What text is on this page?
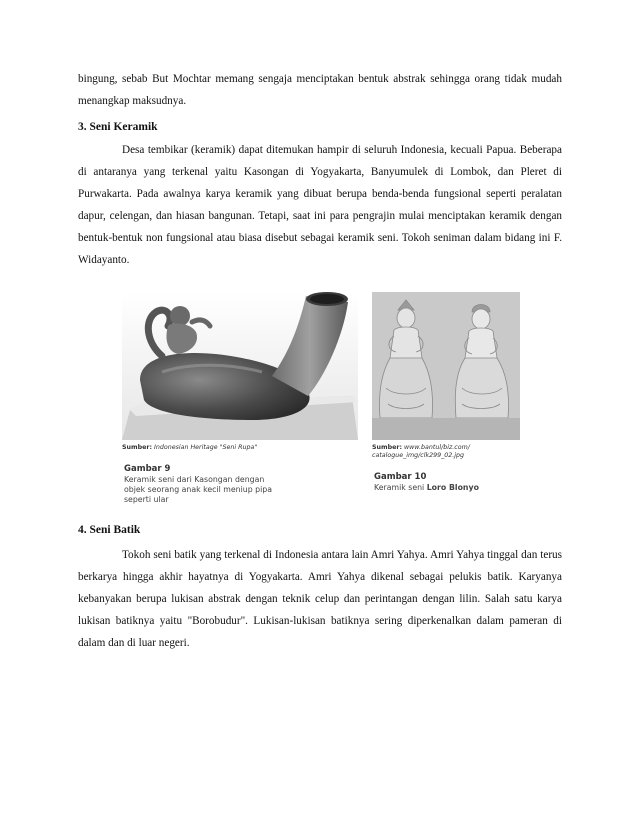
bingung, sebab But Mochtar memang sengaja menciptakan bentuk abstrak sehingga orang tidak mudah menangkap maksudnya.

3. Seni Keramik

Desa tembikar (keramik) dapat ditemukan hampir di seluruh Indonesia, kecuali Papua. Beberapa di antaranya yang terkenal yaitu Kasongan di Yogyakarta, Banyumulek di Lombok, dan Pleret di Purwakarta. Pada awalnya karya keramik yang dibuat berupa benda-benda fungsional seperti peralatan dapur, celengan, dan hiasan bangunan. Tetapi, saat ini para pengrajin mulai menciptakan keramik dengan bentuk-bentuk non fungsional atau biasa disebut sebagai keramik seni. Tokoh seniman dalam bidang ini F. Widayanto.

Sumber: Indonesian Heritage "Seni Rupa"
Gambar 9
Keramik seni dari Kasongan dengan
objek seorang anak kecil meniup pipa
seperti ular
Sumber: www.bantul/biz.com/
catalogue_img/clk299_02.jpg
Gambar 10
Keramik seni Loro Blonyo

4. Seni Batik

Tokoh seni batik yang terkenal di Indonesia antara lain Amri Yahya. Amri Yahya tinggal dan terus berkarya hingga akhir hayatnya di Yogyakarta. Amri Yahya dikenal sebagai pelukis batik. Karyanya kebanyakan berupa lukisan abstrak dengan teknik celup dan perintangan dengan lilin. Salah satu karya lukisan batiknya yaitu "Borobudur". Lukisan-lukisan batiknya sering diperkenalkan dalam pameran di dalam dan di luar negeri.
